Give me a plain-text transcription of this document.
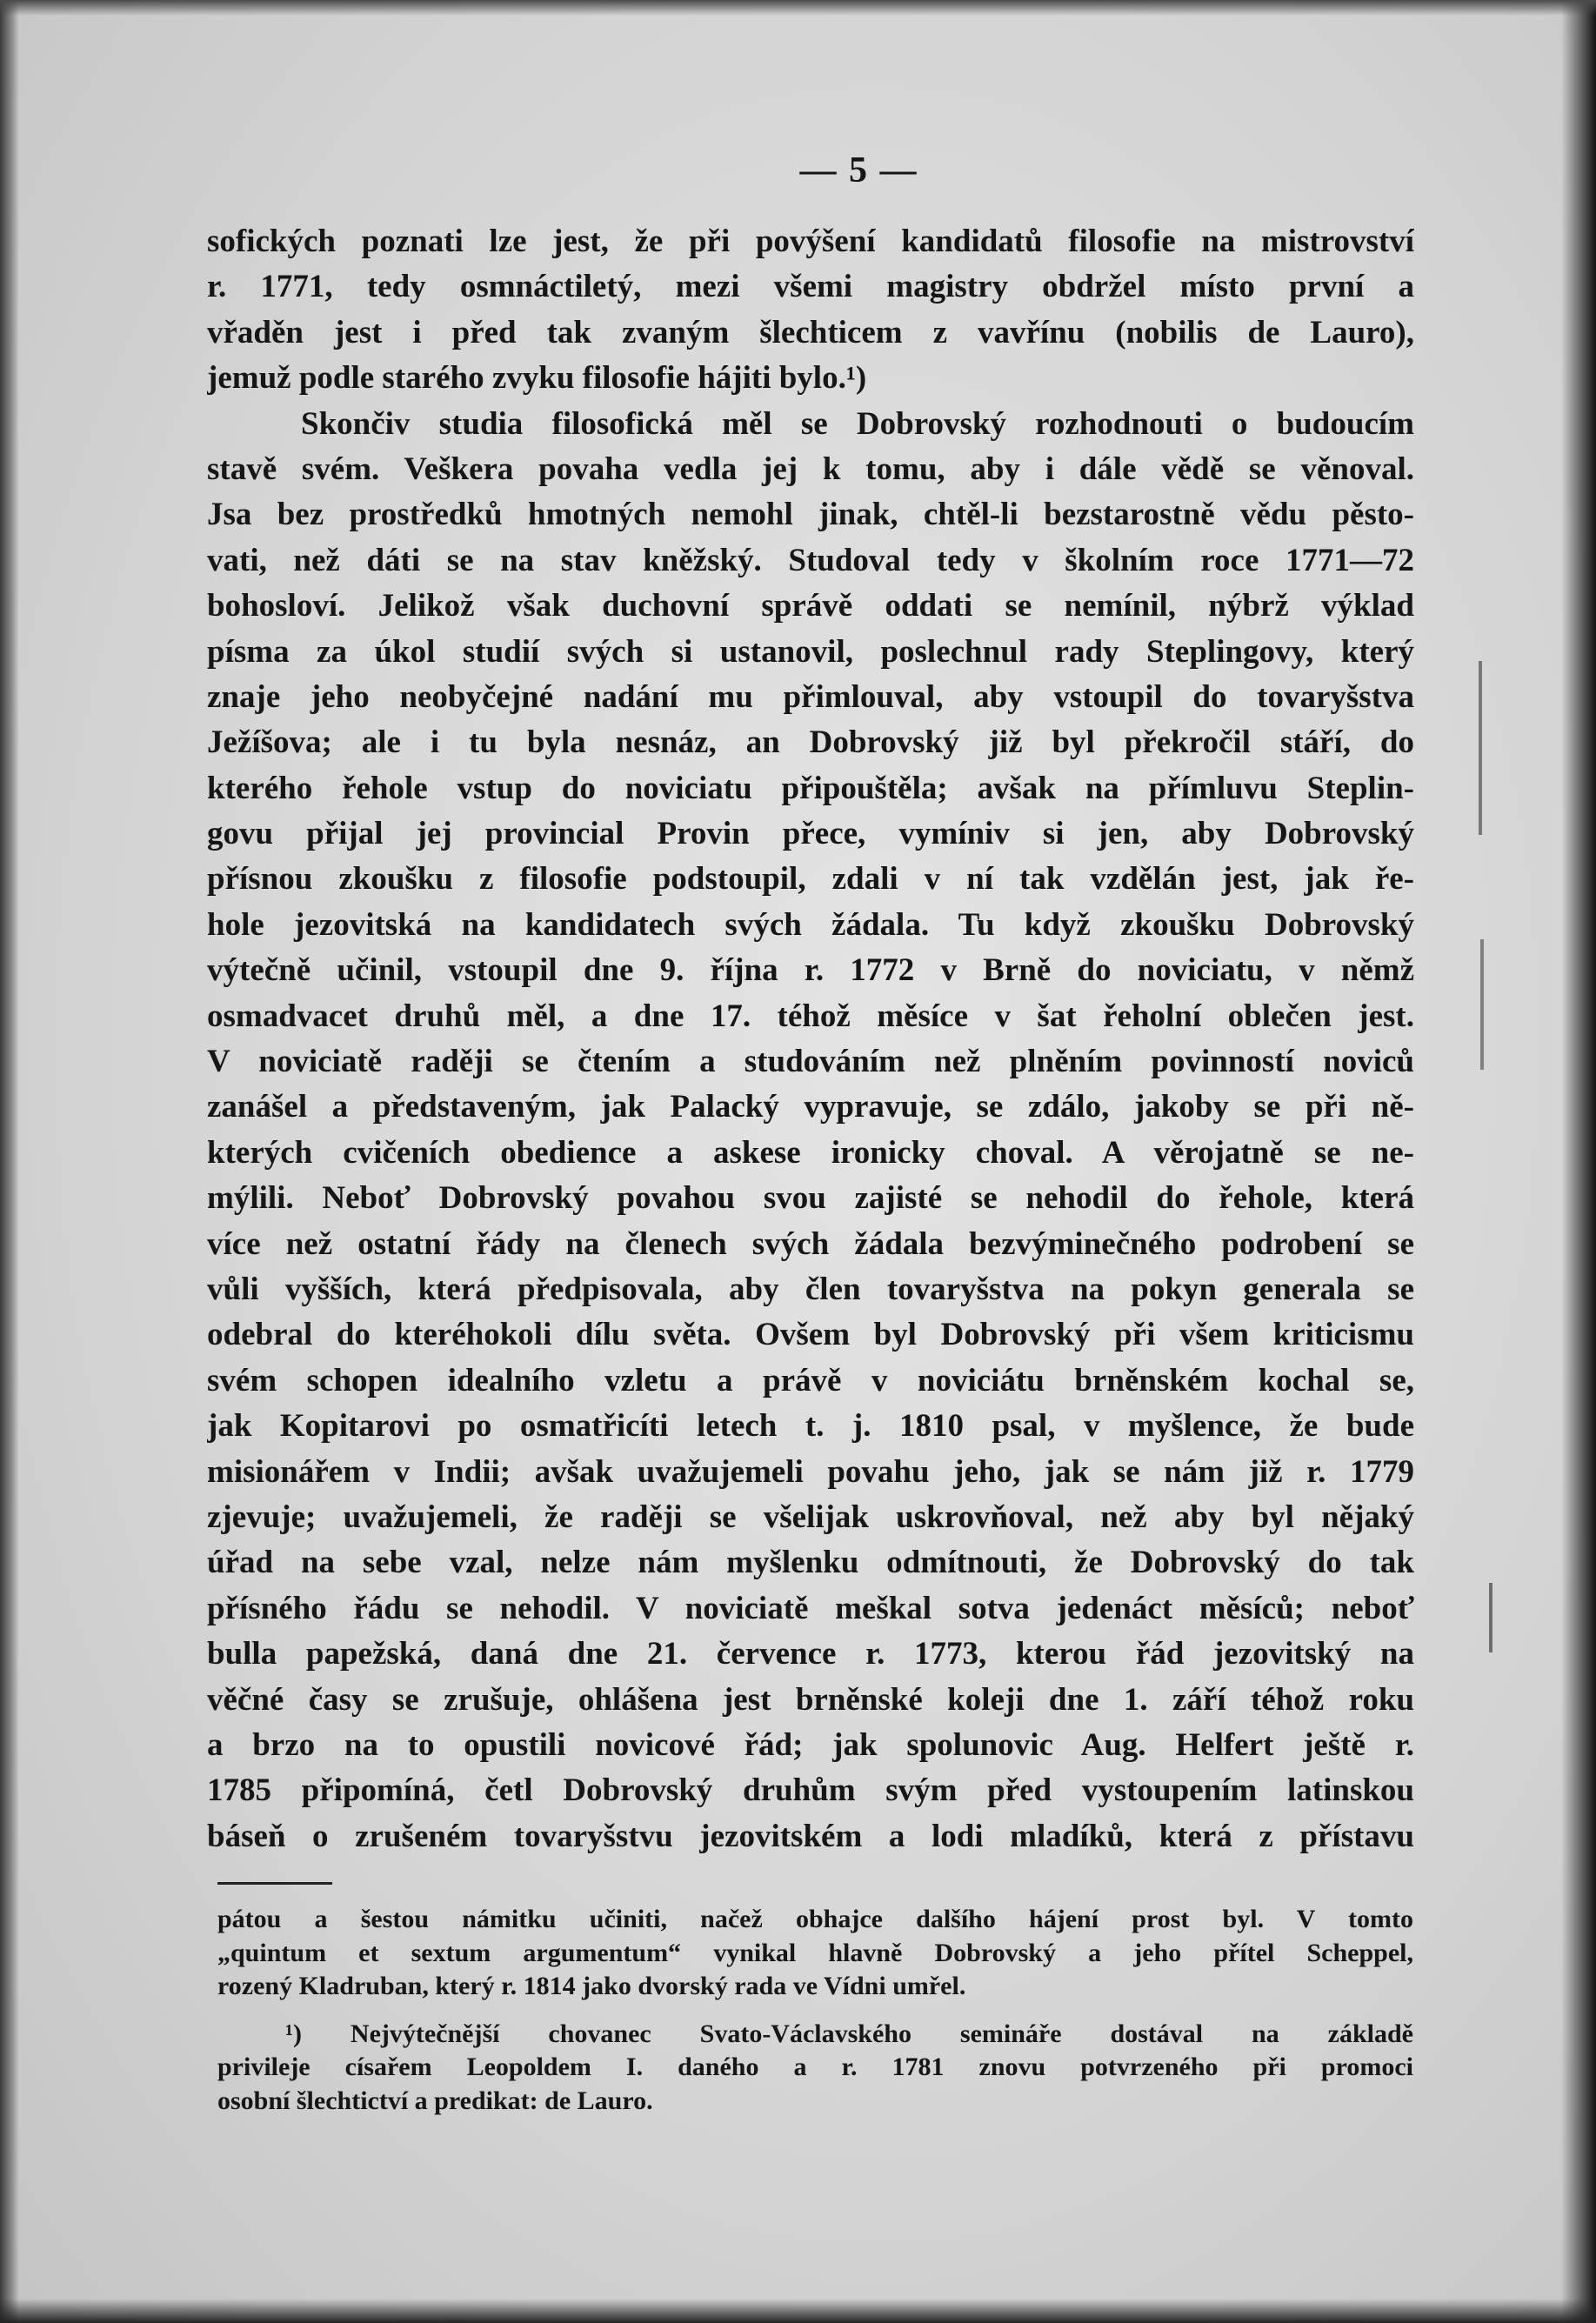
— 5 —
sofických poznati lze jest, že při povýšení kandidatů filosofie na mistrovství
r. 1771, tedy osmnáctiletý, mezi všemi magistry obdržel místo první a
vřaděn jest i před tak zvaným šlechticem z vavřínu (nobilis de Lauro),
jemuž podle starého zvyku filosofie hájiti bylo.¹)
Skončiv studia filosofická měl se Dobrovský rozhodnouti o budoucím
stavě svém. Veškera povaha vedla jej k tomu, aby i dále vědě se věnoval.
Jsa bez prostředků hmotných nemohl jinak, chtěl-li bezstarostně vědu pěsto-
vati, než dáti se na stav kněžský. Studoval tedy v školním roce 1771—72
bohosloví. Jelikož však duchovní správě oddati se nemínil, nýbrž výklad
písma za úkol studií svých si ustanovil, poslechnul rady Steplingovy, který
znaje jeho neobyčejné nadání mu přimlouval, aby vstoupil do tovaryšstva
Ježíšova; ale i tu byla nesnáz, an Dobrovský již byl překročil stáří, do
kterého řehole vstup do noviciatu připouštěla; avšak na přímluvu Steplin-
govu přijal jej provincial Provin přece, vymíniv si jen, aby Dobrovský
přísnou zkoušku z filosofie podstoupil, zdali v ní tak vzdělán jest, jak ře-
hole jezovitská na kandidatech svých žádala. Tu když zkoušku Dobrovský
výtečně učinil, vstoupil dne 9. října r. 1772 v Brně do noviciatu, v němž
osmadvacet druhů měl, a dne 17. téhož měsíce v šat řeholní oblečen jest.
V noviciatě raději se čtením a studováním než plněním povinností noviců
zanášel a představeným, jak Palacký vypravuje, se zdálo, jakoby se při ně-
kterých cvičeních obedience a askese ironicky choval. A věrojatně se ne-
mýlili. Neboť Dobrovský povahou svou zajisté se nehodil do řehole, která
více než ostatní řády na členech svých žádala bezvýminečného podrobení se
vůli vyšších, která předpisovala, aby člen tovaryšstva na pokyn generala se
odebral do kteréhokoli dílu světa. Ovšem byl Dobrovský při všem kriticismu
svém schopen idealního vzletu a právě v noviciátu brněnském kochal se,
jak Kopitarovi po osmatřicíti letech t. j. 1810 psal, v myšlence, že bude
misionářem v Indii; avšak uvažujemeli povahu jeho, jak se nám již r. 1779
zjevuje; uvažujemeli, že raději se všelijak uskrovňoval, než aby byl nějaký
úřad na sebe vzal, nelze nám myšlenku odmítnouti, že Dobrovský do tak
přísného řádu se nehodil. V noviciatě meškal sotva jedenáct měsíců; neboť
bulla papežská, daná dne 21. července r. 1773, kterou řád jezovitský na
věčné časy se zrušuje, ohlášena jest brněnské koleji dne 1. září téhož roku
a brzo na to opustili novicové řád; jak spolunovic Aug. Helfert ještě r.
1785 připomíná, četl Dobrovský druhům svým před vystoupením latinskou
báseň o zrušeném tovaryšstvu jezovitském a lodi mladíků, která z přístavu
pátou a šestou námitku učiniti, načež obhajce dalšího hájení prost byl. V tomto
„quintum et sextum argumentum“ vynikal hlavně Dobrovský a jeho přítel Scheppel,
rozený Kladruban, který r. 1814 jako dvorský rada ve Vídni umřel.
¹) Nejvýtečnější chovanec Svato-Václavského semináře dostával na základě
privileje císařem Leopoldem I. daného a r. 1781 znovu potvrzeného při promoci
osobní šlechtictví a predikat: de Lauro.
